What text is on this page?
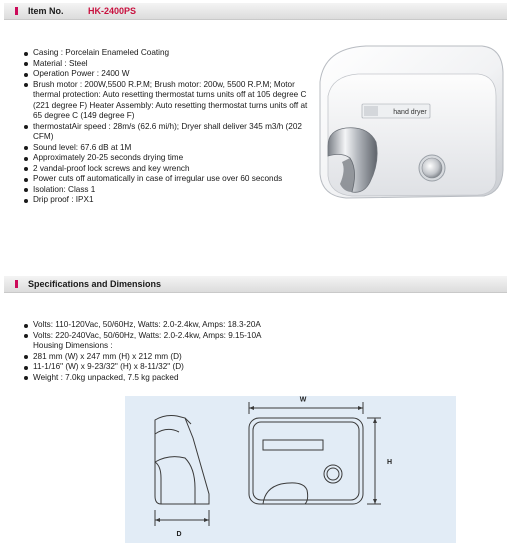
Item No.	HK-2400PS
Casing : Porcelain Enameled Coating
Material : Steel
Operation Power : 2400 W
Brush motor : 200W,5500 R.P.M; Brush motor: 200w, 5500 R.P.M; Motor thermal protection: Auto resetting thermostat turns units off at 105 degree C (221 degree F) Heater Assembly: Auto resetting thermostat turns units off at 65 degree C (149 degree F)
thermostatAir speed : 28m/s (62.6 mi/h); Dryer shall deliver 345 m3/h (202 CFM)
Sound level: 67.6 dB at 1M
Approximately 20-25 seconds drying time
2 vandal-proof lock screws and key wrench
Power cuts off automatically in case of irregular use over 60 seconds
Isolation: Class 1
Drip proof : IPX1
hand dryer
Specifications and Dimensions
Volts: 110-120Vac, 50/60Hz, Watts: 2.0-2.4kw, Amps: 18.3-20A
Volts: 220-240Vac, 50/60Hz, Watts: 2.0-2.4kw, Amps: 9.15-10A
Housing Dimensions :
281 mm (W) x 247 mm (H) x 212 mm (D)
11-1/16" (W) x 9-23/32" (H) x 8-11/32" (D)
Weight : 7.0kg unpacked, 7.5 kg packed
W
H
D
